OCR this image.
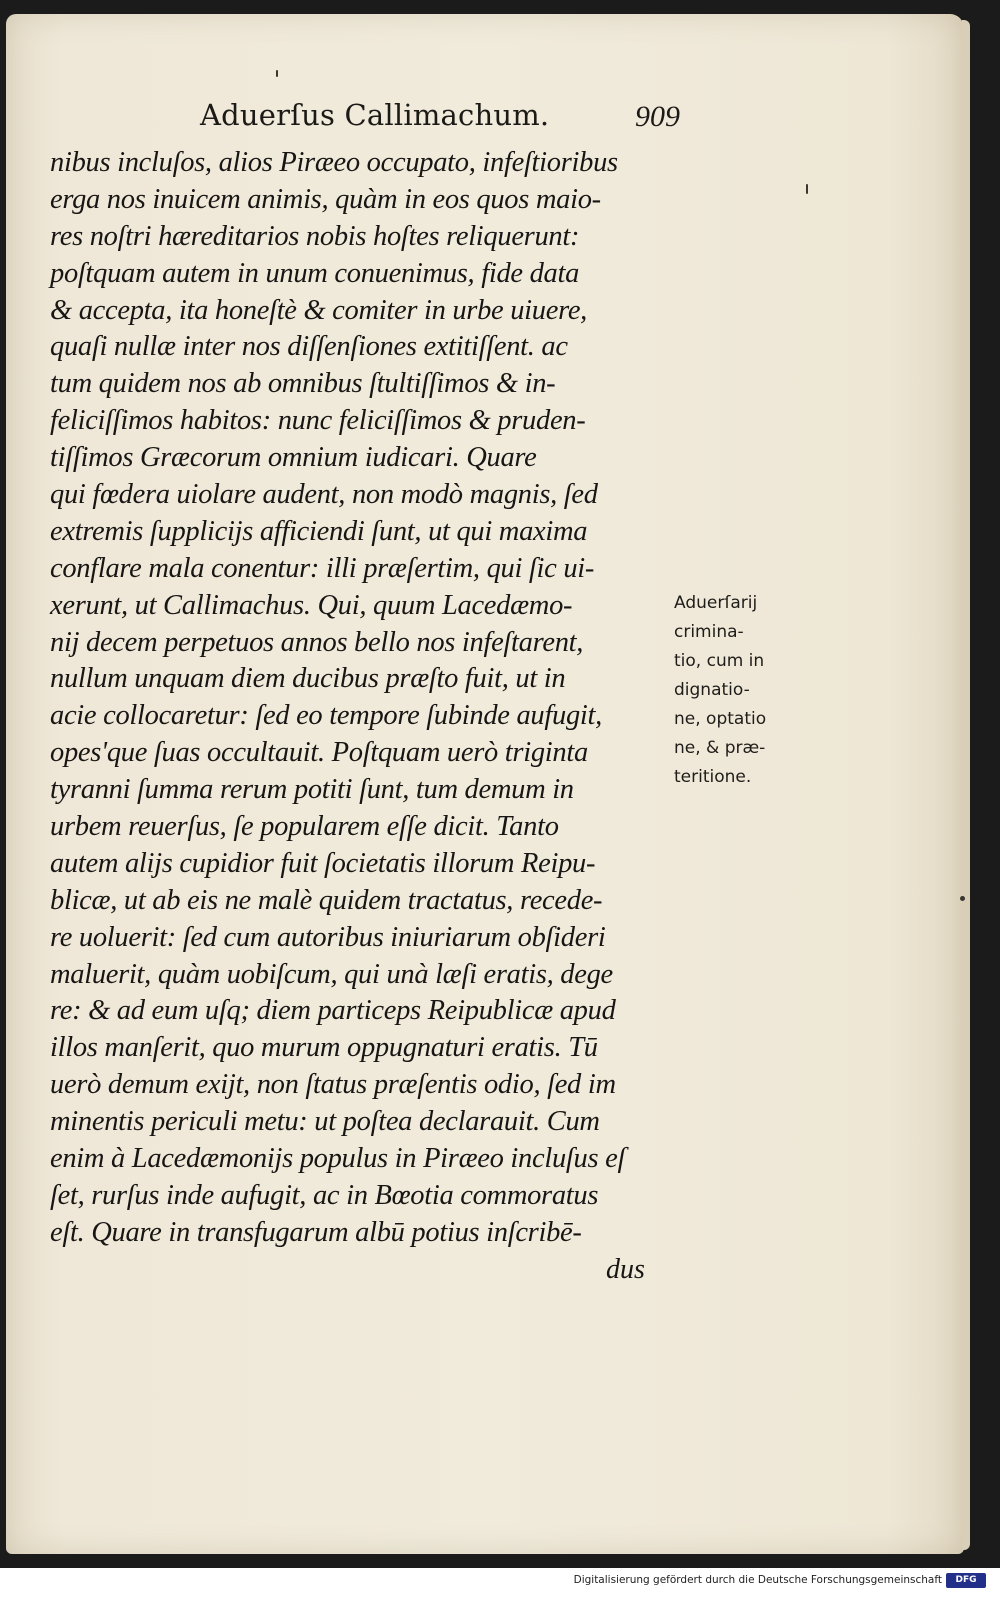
Aduerſus Callimachum.	909
nibus incluſos, alios Piræeo occupato, infeſtioribus
erga nos inuicem animis, quàm in eos quos maio-
res noſtri hæreditarios nobis hoſtes reliquerunt:
poſtquam autem in unum conuenimus, fide data
& accepta, ita honeſtè & comiter in urbe uiuere,
quaſi nullæ inter nos diſſenſiones extitiſſent. ac
tum quidem nos ab omnibus ſtultiſſimos & in-
feliciſſimos habitos: nunc feliciſſimos & pruden-
tiſſimos Græcorum omnium iudicari. Quare
qui fœdera uiolare audent, non modò magnis, ſed
extremis ſupplicijs afficiendi ſunt, ut qui maxima
conflare mala conentur: illi præſertim, qui ſic ui-
xerunt, ut Callimachus. Qui, quum Lacedæmo-
nij decem perpetuos annos bello nos infeſtarent,
nullum unquam diem ducibus præſto fuit, ut in
acie collocaretur: ſed eo tempore ſubinde aufugit,
opes'que ſuas occultauit. Poſtquam uerò triginta
tyranni ſumma rerum potiti ſunt, tum demum in
urbem reuerſus, ſe popularem eſſe dicit. Tanto
autem alijs cupidior fuit ſocietatis illorum Reipu-
blicæ, ut ab eis ne malè quidem tractatus, recede-
re uoluerit: ſed cum autoribus iniuriarum obſideri
maluerit, quàm uobiſcum, qui unà læſi eratis, dege
re: & ad eum uſq; diem particeps Reipublicæ apud
illos manſerit, quo murum oppugnaturi eratis. Tū
uerò demum exijt, non ſtatus præſentis odio, ſed im
minentis periculi metu: ut poſtea declarauit. Cum
enim à Lacedæmonijs populus in Piræeo incluſus eſ
ſet, rurſus inde aufugit, ac in Bœotia commoratus
eſt. Quare in transfugarum albū potius inſcribē-
dus
Aduerſarij
crimina-
tio, cum in
dignatio-
ne, optatio
ne, & præ-
teritione.
Digitalisierung gefördert durch die Deutsche Forschungsgemeinschaft	DFG
